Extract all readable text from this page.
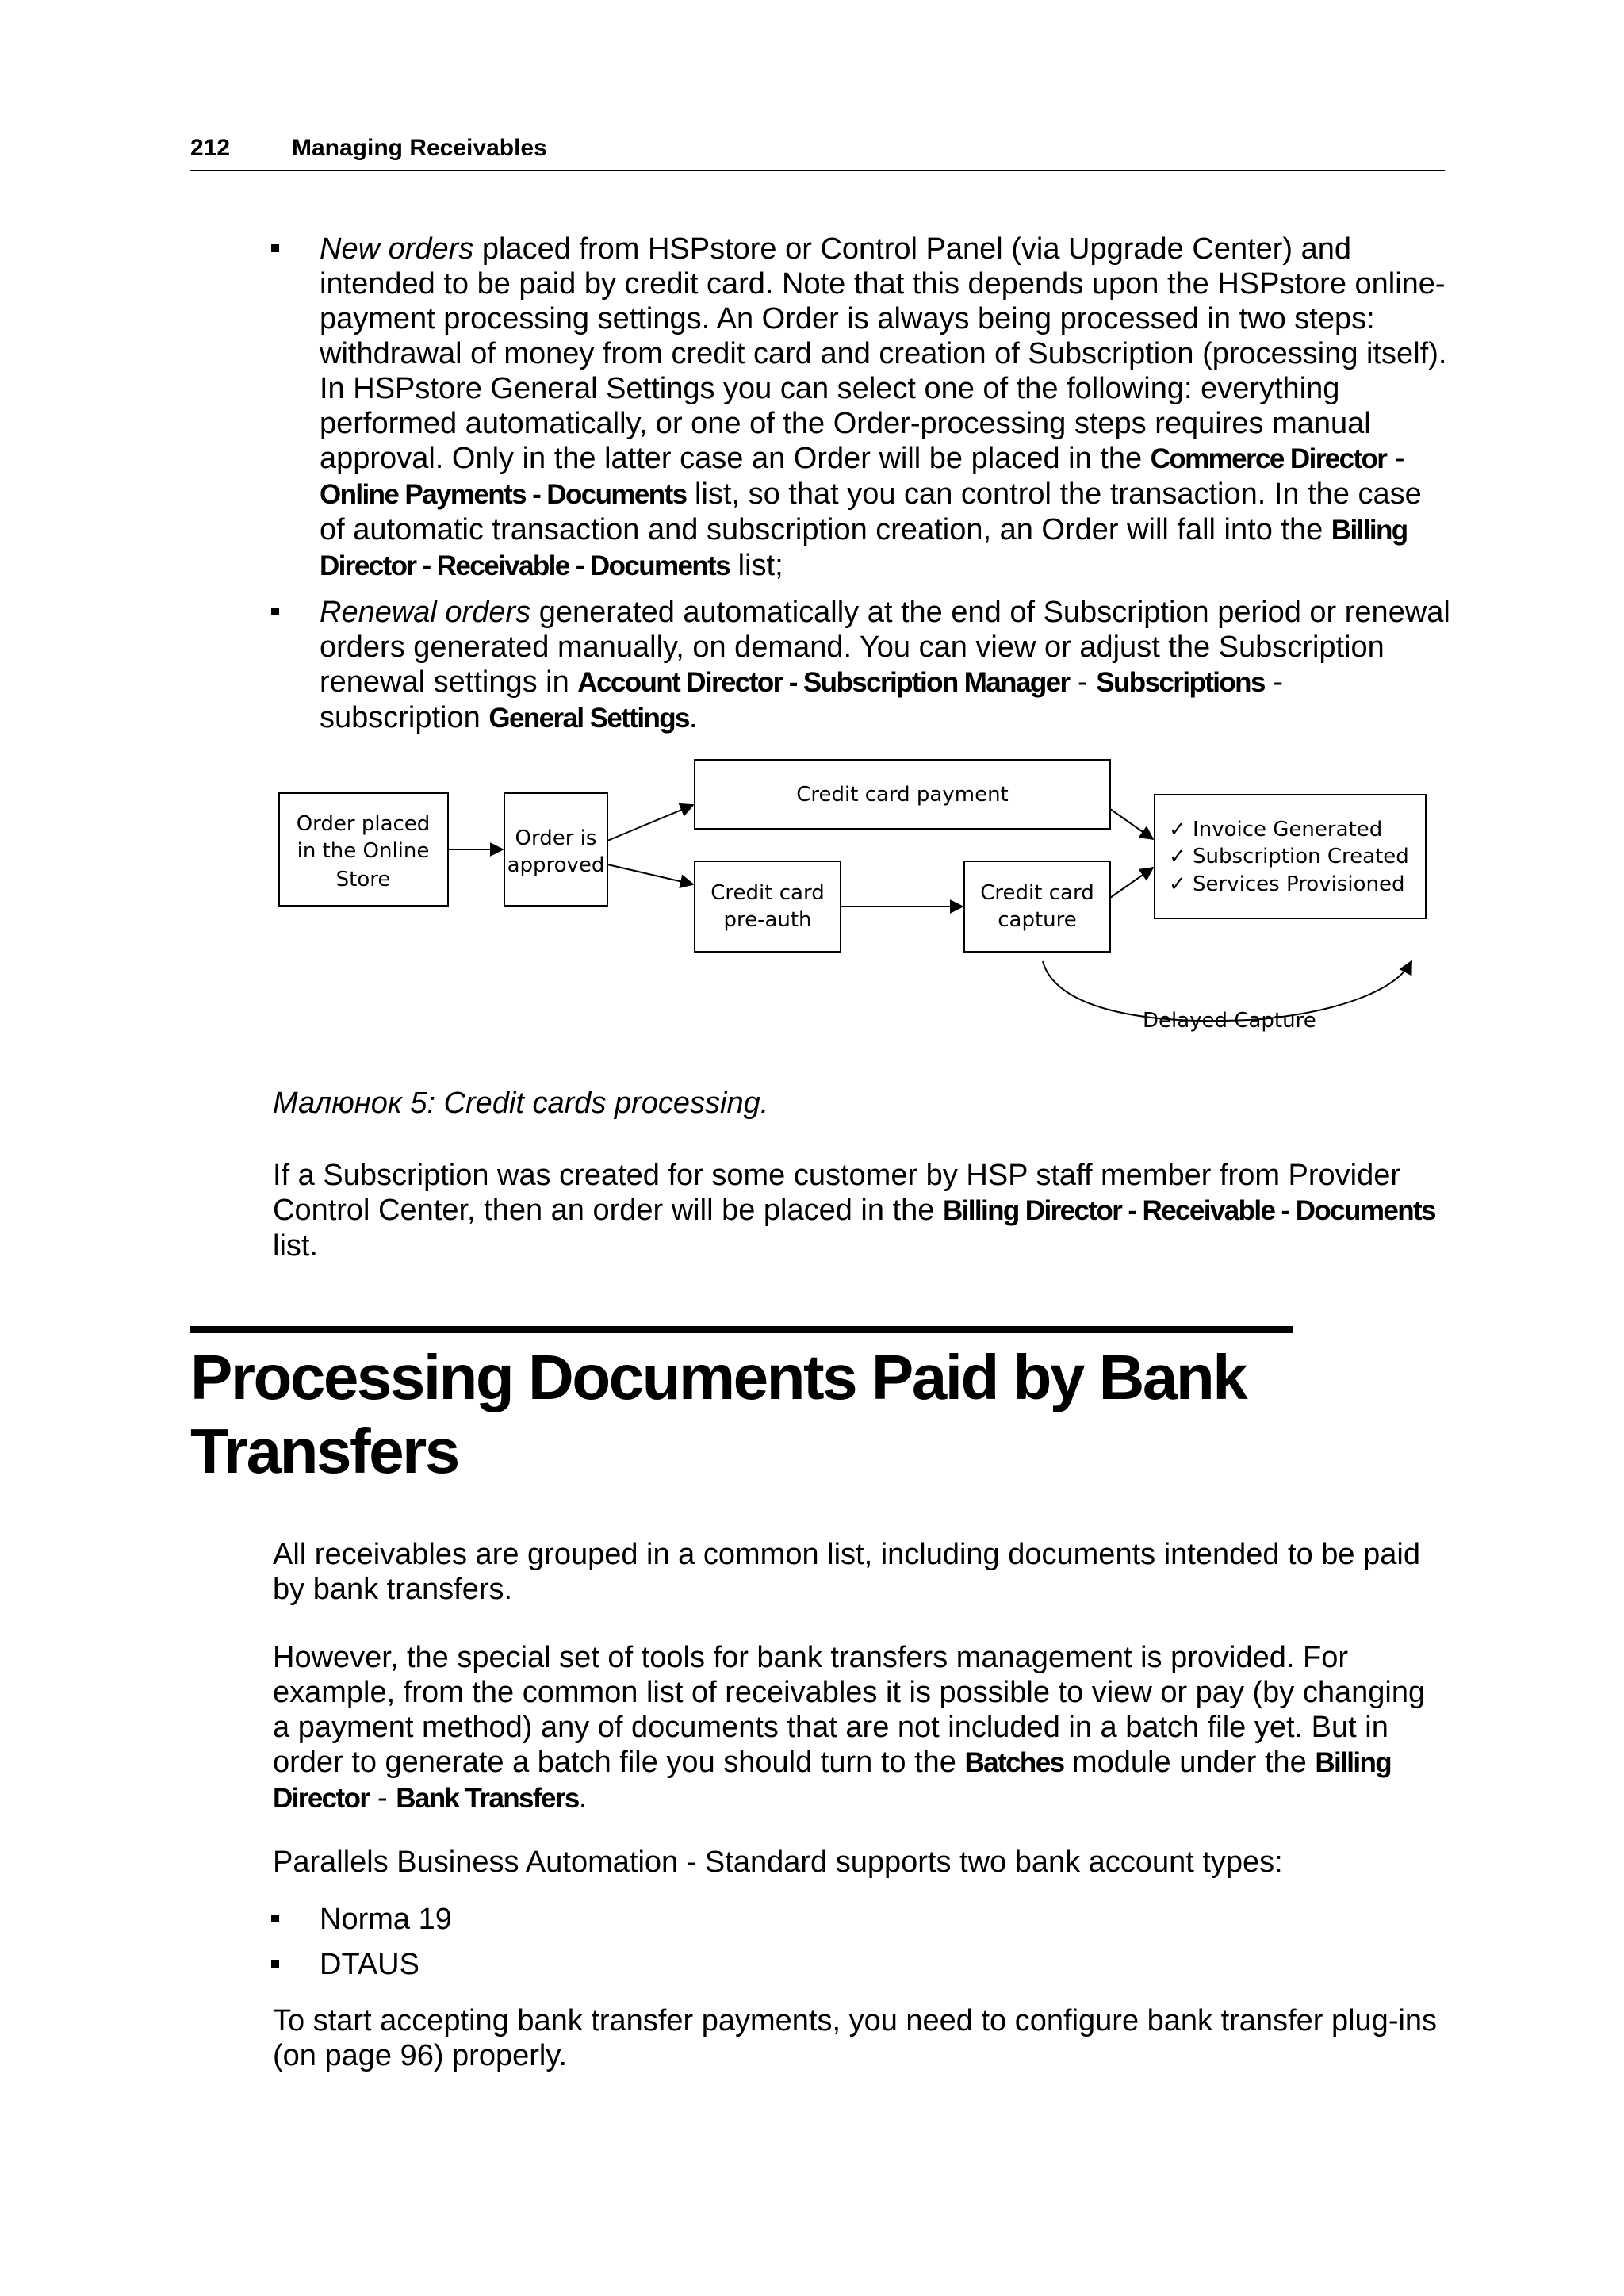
212	Managing Receivables
New orders placed from HSPstore or Control Panel (via Upgrade Center) and intended to be paid by credit card. Note that this depends upon the HSPstore online-payment processing settings. An Order is always being processed in two steps: withdrawal of money from credit card and creation of Subscription (processing itself). In HSPstore General Settings you can select one of the following: everything performed automatically, or one of the Order-processing steps requires manual approval. Only in the latter case an Order will be placed in the Commerce Director - Online Payments - Documents list, so that you can control the transaction. In the case of automatic transaction and subscription creation, an Order will fall into the Billing Director - Receivable - Documents list;
Renewal orders generated automatically at the end of Subscription period or renewal orders generated manually, on demand. You can view or adjust the Subscription renewal settings in Account Director - Subscription Manager - Subscriptions - subscription General Settings.
Order placed
in the Online
Store
Order is
approved
Credit card payment
Credit card
pre-auth
Credit card
capture
✓ Invoice Generated
✓ Subscription Created
✓ Services Provisioned
Delayed Capture
Малюнок 5: Credit cards processing.

If a Subscription was created for some customer by HSP staff member from Provider Control Center, then an order will be placed in the Billing Director - Receivable - Documents list.

Processing Documents Paid by Bank Transfers

All receivables are grouped in a common list, including documents intended to be paid by bank transfers.

However, the special set of tools for bank transfers management is provided. For example, from the common list of receivables it is possible to view or pay (by changing a payment method) any of documents that are not included in a batch file yet. But in order to generate a batch file you should turn to the Batches module under the Billing Director - Bank Transfers.

Parallels Business Automation - Standard supports two bank account types:

Norma 19
DTAUS

To start accepting bank transfer payments, you need to configure bank transfer plug-ins (on page 96) properly.
